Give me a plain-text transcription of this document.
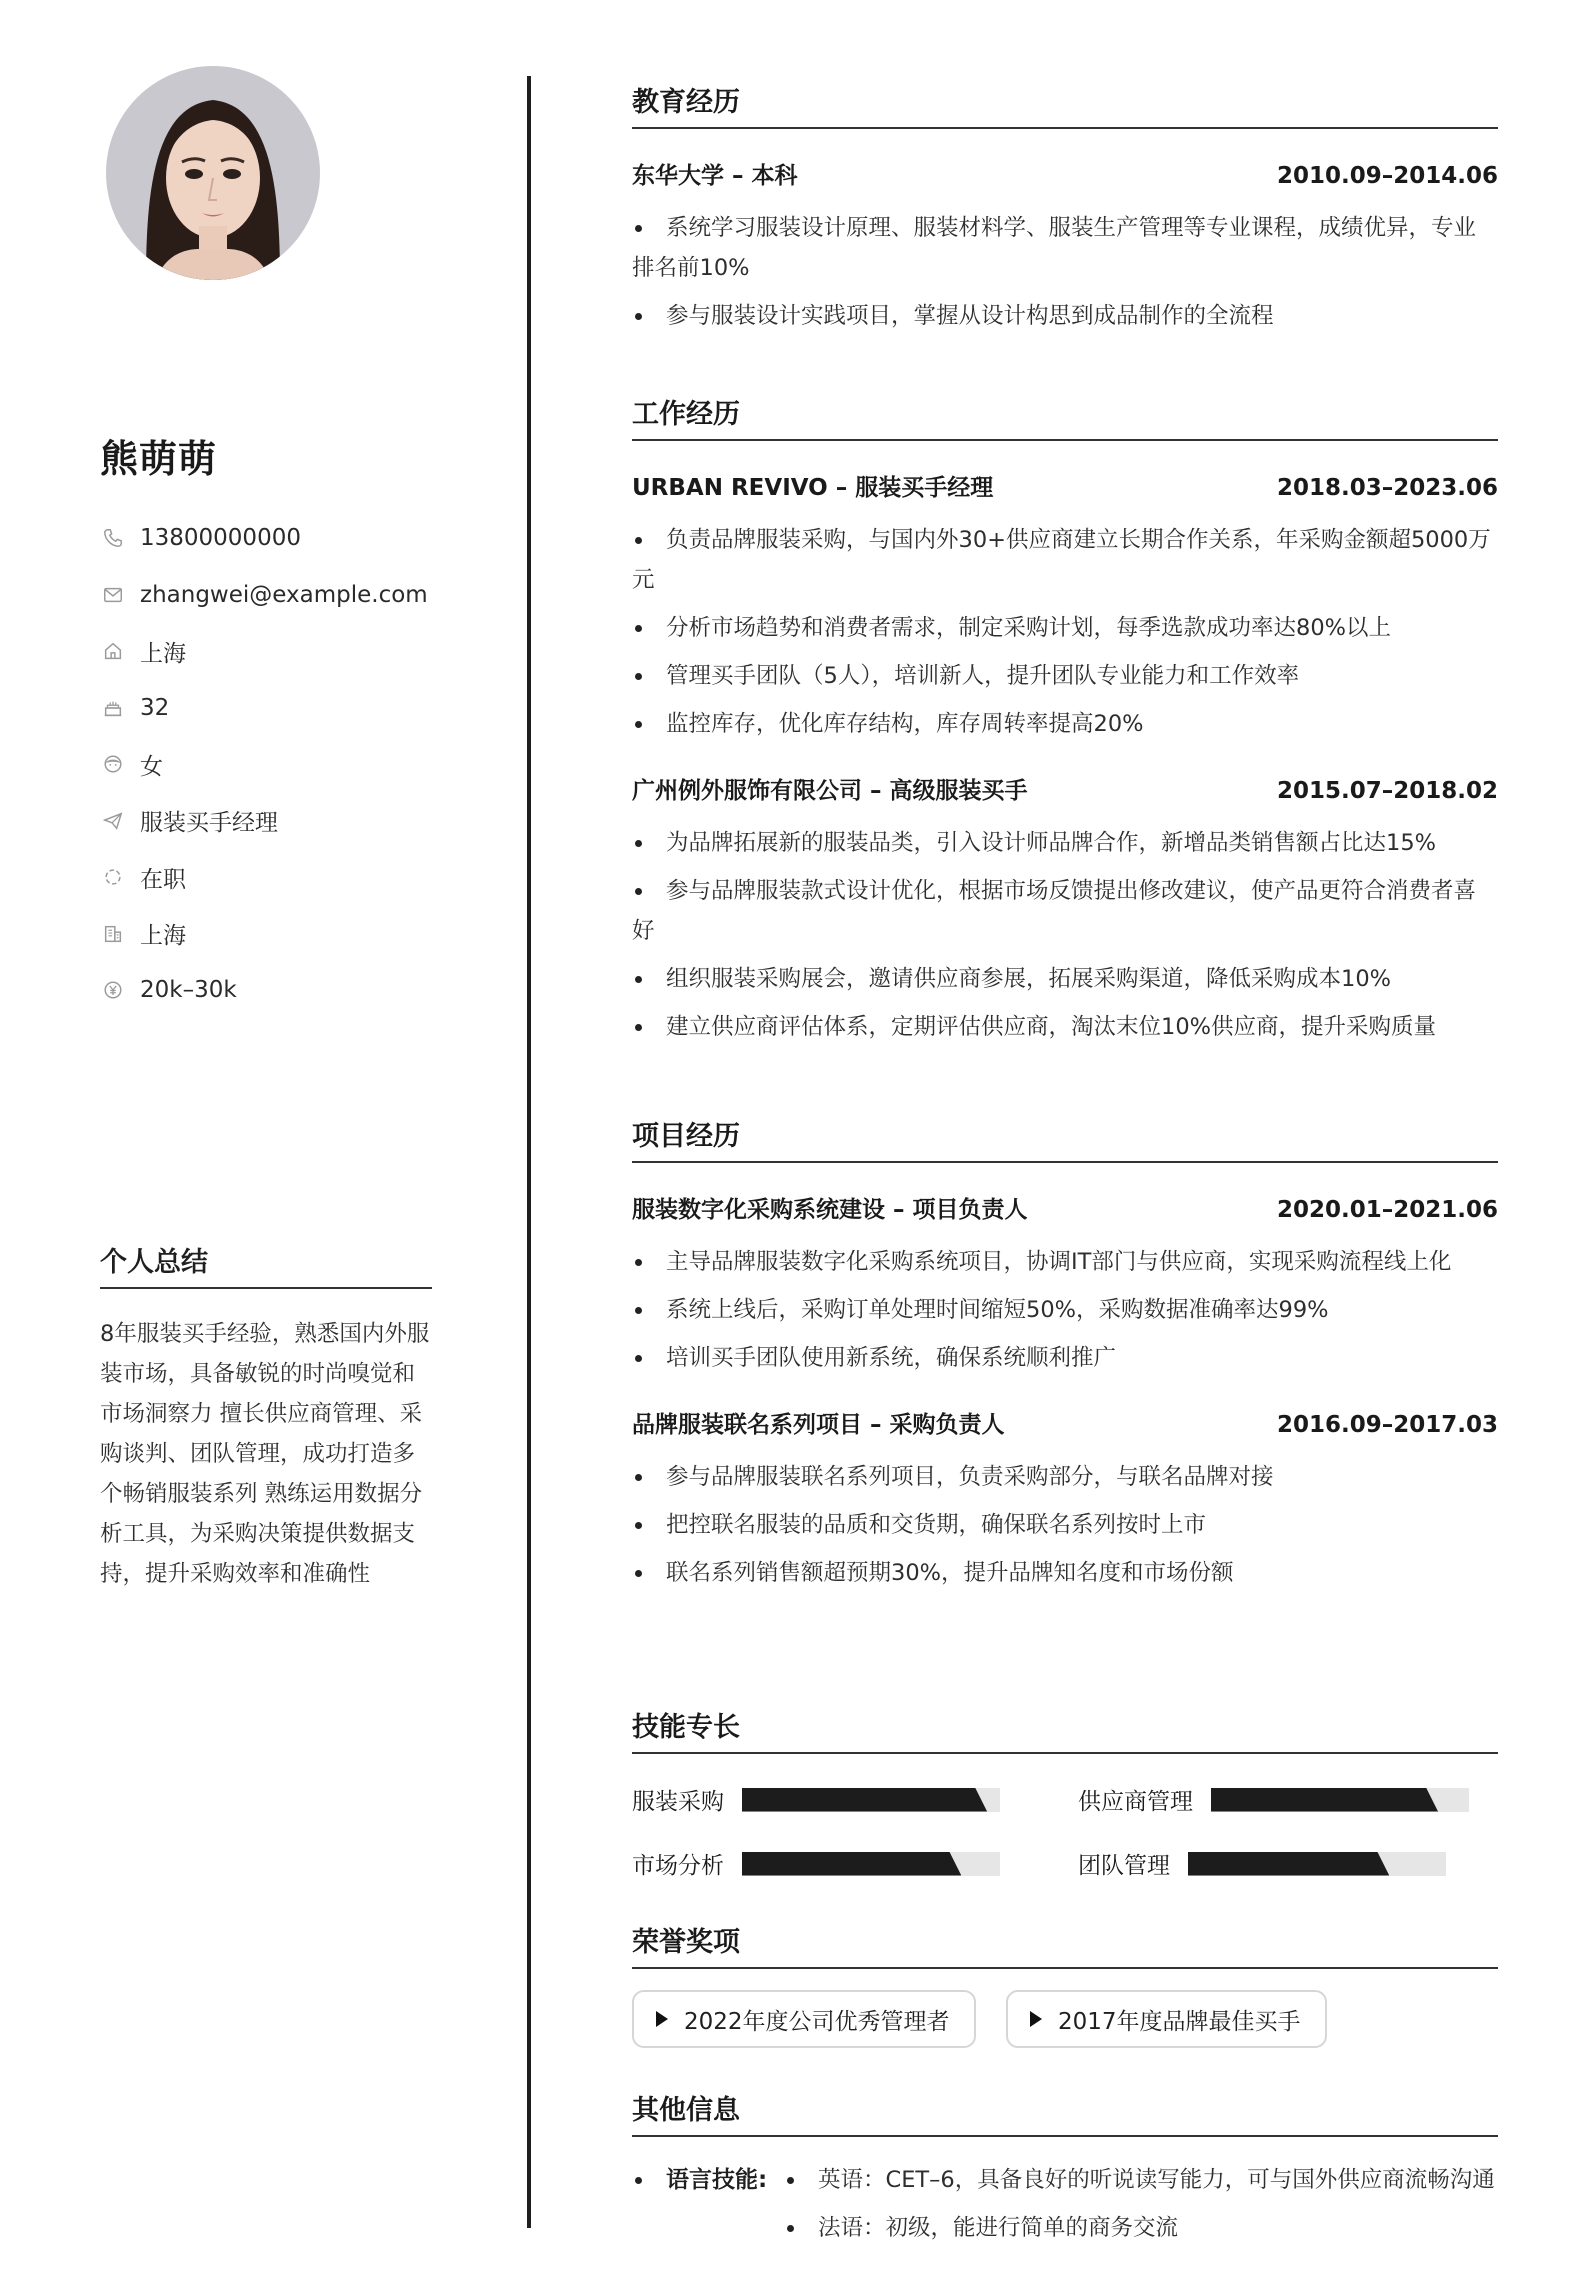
熊萌萌
13800000000
zhangwei@example.com
上海
32
女
服装买手经理
在职
上海
20k–30k
个人总结
8年服装买手经验，熟悉国内外服装市场，具备敏锐的时尚嗅觉和市场洞察力 擅长供应商管理、采购谈判、团队管理，成功打造多个畅销服装系列 熟练运用数据分析工具，为采购决策提供数据支持，提升采购效率和准确性
教育经历
东华大学 – 本科	2010.09–2014.06
系统学习服装设计原理、服装材料学、服装生产管理等专业课程，成绩优异，专业排名前10%
参与服装设计实践项目，掌握从设计构思到成品制作的全流程
工作经历
URBAN REVIVO – 服装买手经理	2018.03–2023.06
负责品牌服装采购，与国内外30+供应商建立长期合作关系，年采购金额超5000万元
分析市场趋势和消费者需求，制定采购计划，每季选款成功率达80%以上
管理买手团队（5人），培训新人，提升团队专业能力和工作效率
监控库存，优化库存结构，库存周转率提高20%
广州例外服饰有限公司 – 高级服装买手	2015.07–2018.02
为品牌拓展新的服装品类，引入设计师品牌合作，新增品类销售额占比达15%
参与品牌服装款式设计优化，根据市场反馈提出修改建议，使产品更符合消费者喜好
组织服装采购展会，邀请供应商参展，拓展采购渠道，降低采购成本10%
建立供应商评估体系，定期评估供应商，淘汰末位10%供应商，提升采购质量
项目经历
服装数字化采购系统建设 – 项目负责人	2020.01–2021.06
主导品牌服装数字化采购系统项目，协调IT部门与供应商，实现采购流程线上化
系统上线后，采购订单处理时间缩短50%，采购数据准确率达99%
培训买手团队使用新系统，确保系统顺利推广
品牌服装联名系列项目 – 采购负责人	2016.09–2017.03
参与品牌服装联名系列项目，负责采购部分，与联名品牌对接
把控联名服装的品质和交货期，确保联名系列按时上市
联名系列销售额超预期30%，提升品牌知名度和市场份额
技能专长
服装采购	供应商管理
市场分析	团队管理
荣誉奖项
2022年度公司优秀管理者	2017年度品牌最佳买手
其他信息
语言技能:	英语：CET–6，具备良好的听说读写能力，可与国外供应商流畅沟通
法语：初级，能进行简单的商务交流
